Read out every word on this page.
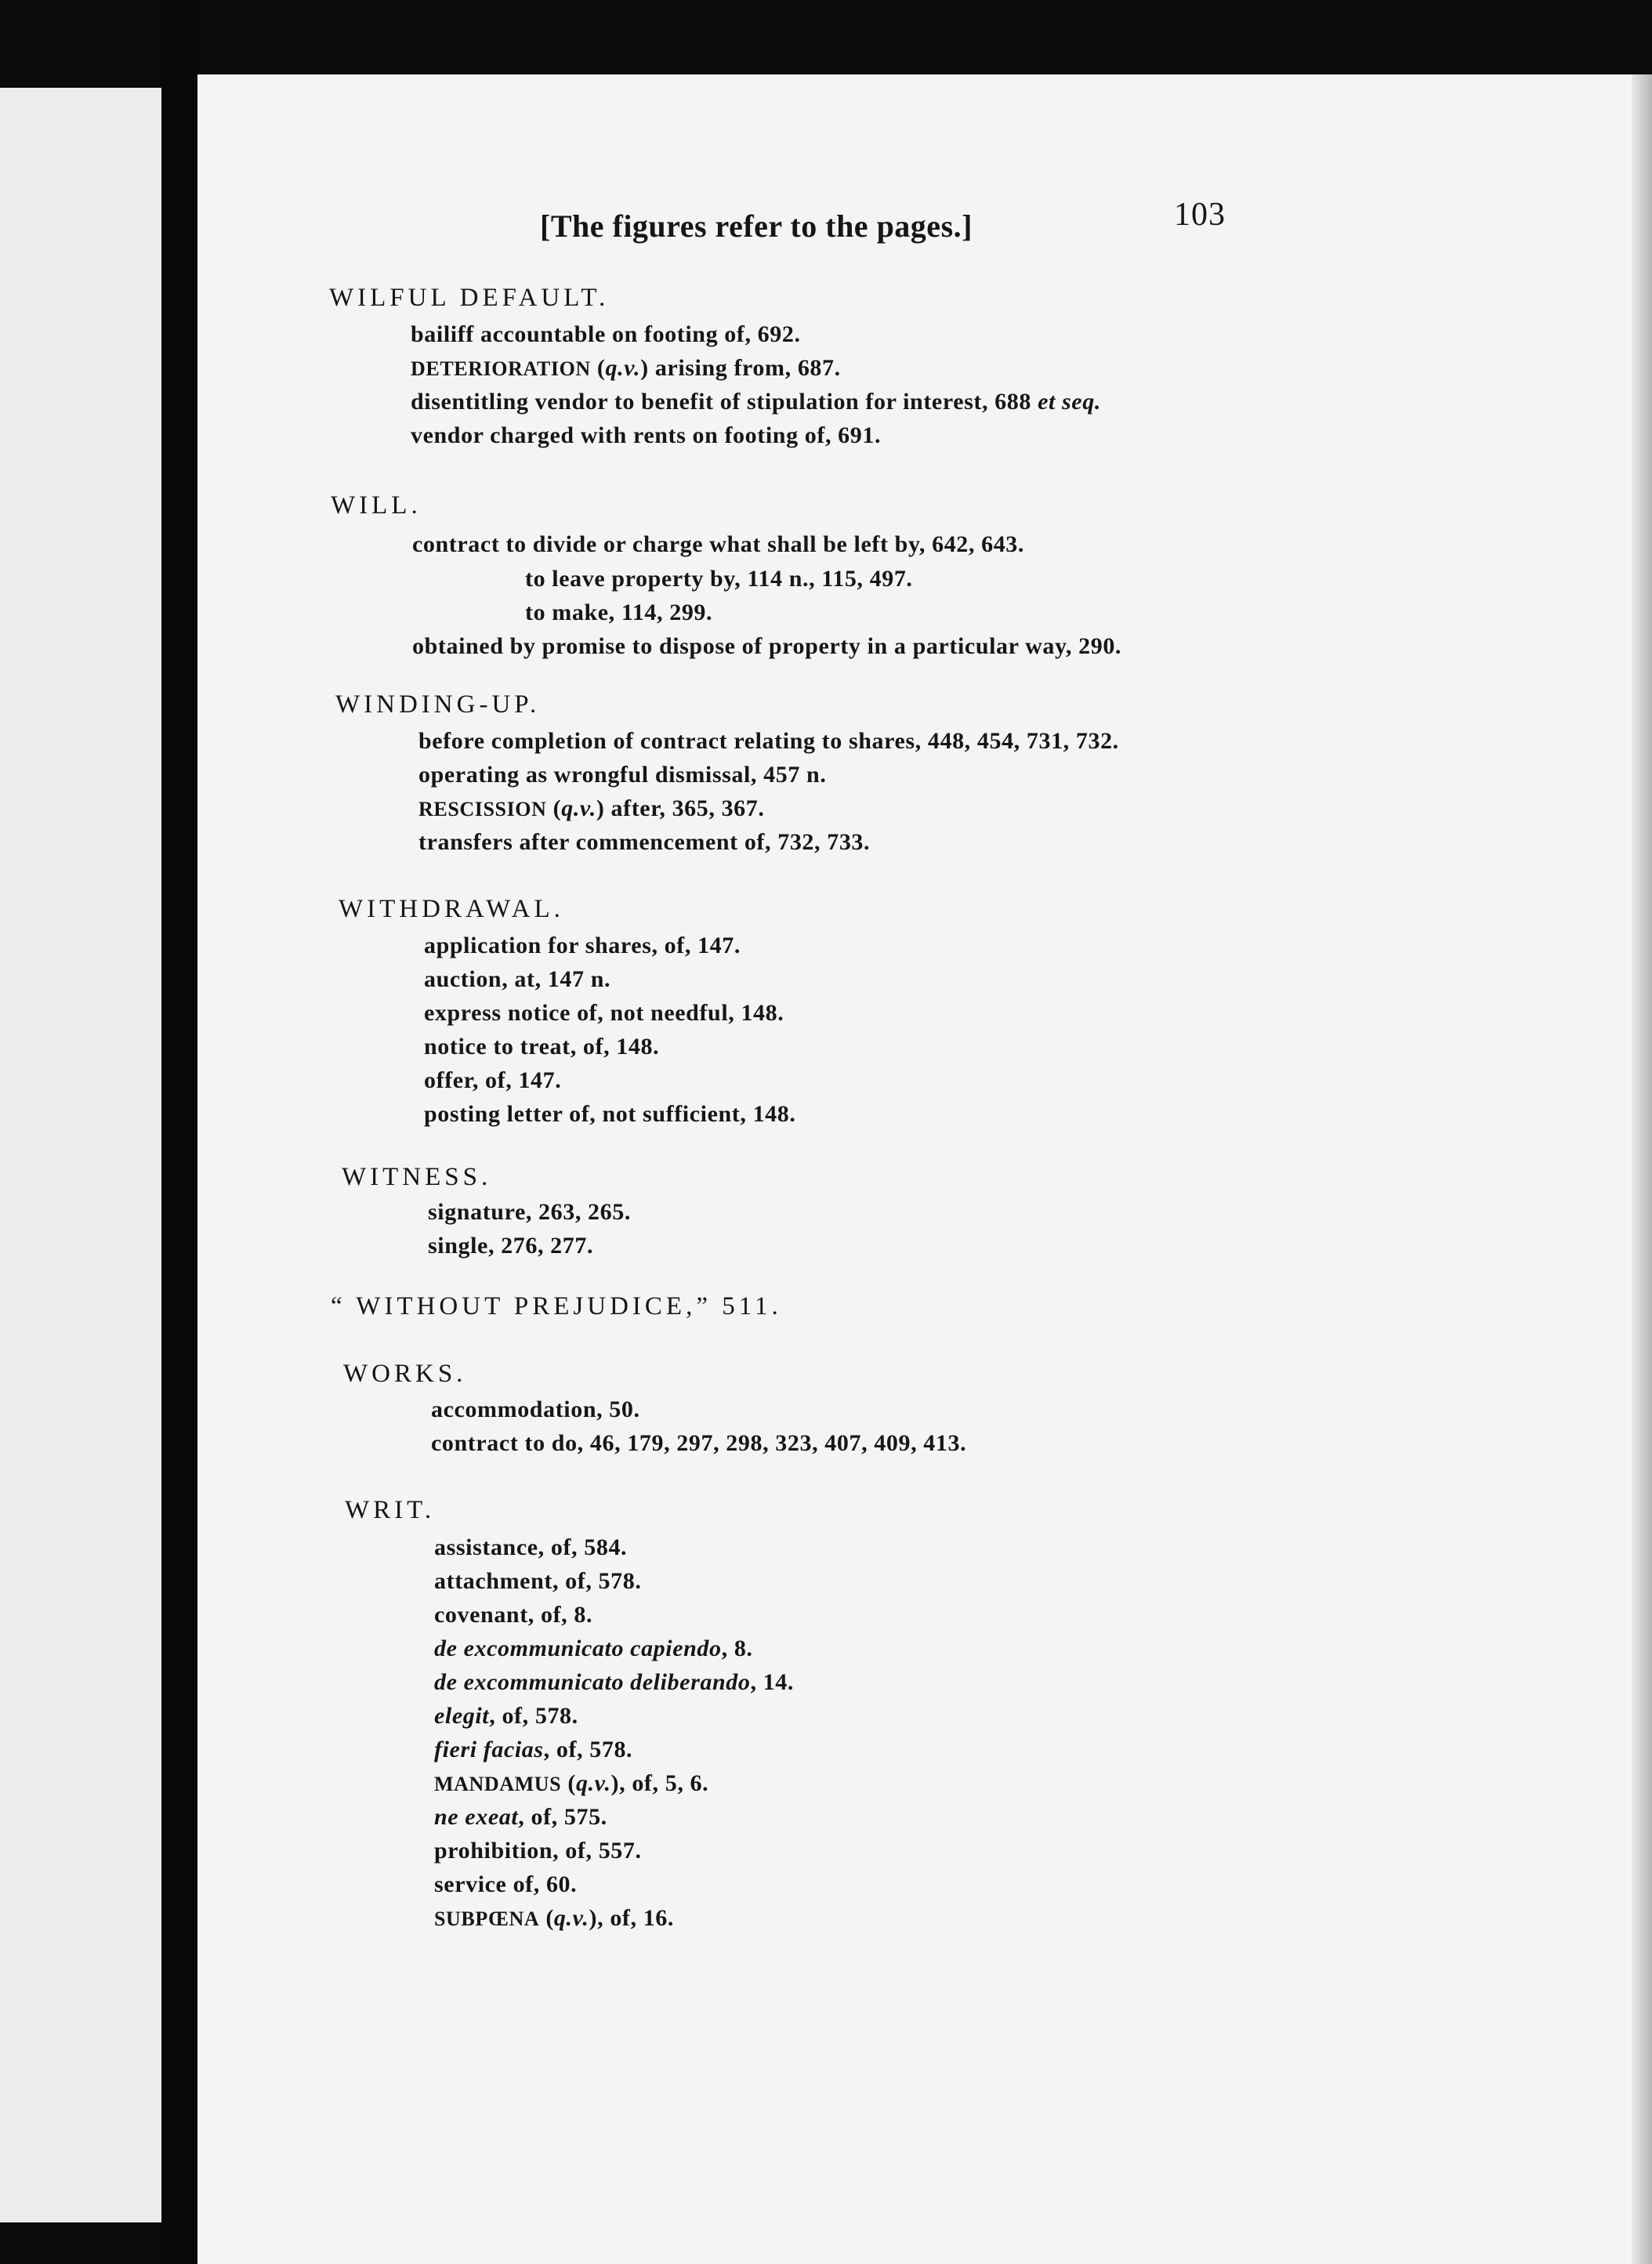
[The figures refer to the pages.]	103
WILFUL DEFAULT.
bailiff accountable on footing of, 692.
DETERIORATION (q.v.) arising from, 687.
disentitling vendor to benefit of stipulation for interest, 688 et seq.
vendor charged with rents on footing of, 691.
WILL.
contract to divide or charge what shall be left by, 642, 643.
to leave property by, 114 n., 115, 497.
to make, 114, 299.
obtained by promise to dispose of property in a particular way, 290.
WINDING-UP.
before completion of contract relating to shares, 448, 454, 731, 732.
operating as wrongful dismissal, 457 n.
RESCISSION (q.v.) after, 365, 367.
transfers after commencement of, 732, 733.
WITHDRAWAL.
application for shares, of, 147.
auction, at, 147 n.
express notice of, not needful, 148.
notice to treat, of, 148.
offer, of, 147.
posting letter of, not sufficient, 148.
WITNESS.
signature, 263, 265.
single, 276, 277.
“ WITHOUT PREJUDICE,” 511.
WORKS.
accommodation, 50.
contract to do, 46, 179, 297, 298, 323, 407, 409, 413.
WRIT.
assistance, of, 584.
attachment, of, 578.
covenant, of, 8.
de excommunicato capiendo, 8.
de excommunicato deliberando, 14.
elegit, of, 578.
fieri facias, of, 578.
MANDAMUS (q.v.), of, 5, 6.
ne exeat, of, 575.
prohibition, of, 557.
service of, 60.
SUBPŒNA (q.v.), of, 16.
